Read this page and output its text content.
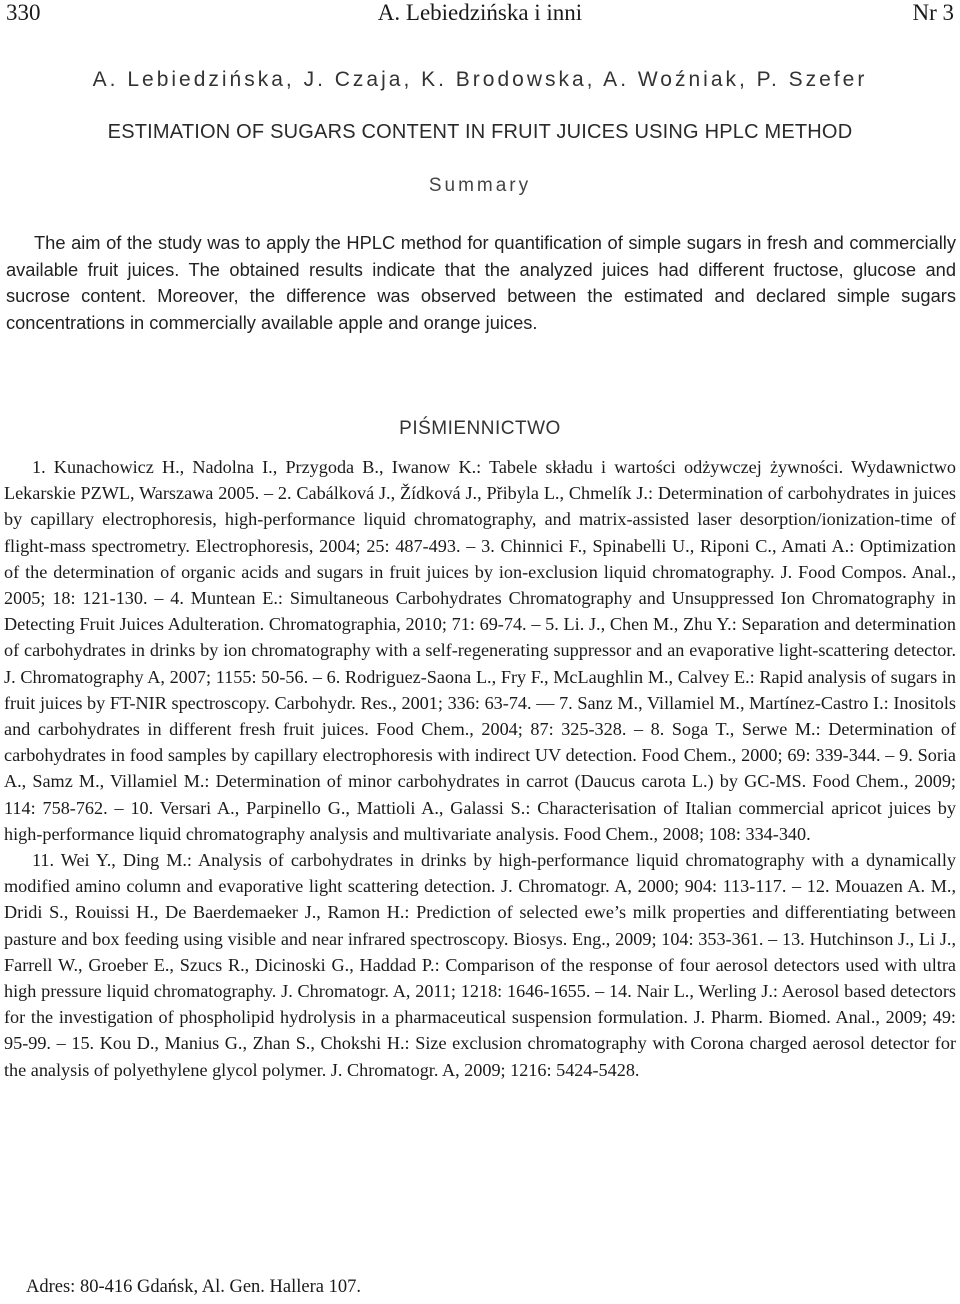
330	A. Lebiedzińska i inni	Nr 3
A. Lebiedzińska, J. Czaja, K. Brodowska, A. Woźniak, P. Szefer
ESTIMATION OF SUGARS CONTENT IN FRUIT JUICES USING HPLC METHOD
Summary
The aim of the study was to apply the HPLC method for quantification of simple sugars in fresh and commercially available fruit juices. The obtained results indicate that the analyzed juices had different fructose, glucose and sucrose content. Moreover, the difference was observed between the estimated and declared simple sugars concentrations in commercially available apple and orange juices.
PIŚMIENNICTWO

1. Kunachowicz H., Nadolna I., Przygoda B., Iwanow K.: Tabele składu i wartości odżywczej żywności. Wydawnictwo Lekarskie PZWL, Warszawa 2005. – 2. Cabálková J., Žídková J., Přibyla L., Chmelík J.: Determination of carbohydrates in juices by capillary electrophoresis, high-performance liquid chromatography, and matrix-assisted laser desorption/ionization-time of flight-mass spectrometry. Electrophoresis, 2004; 25: 487-493. – 3. Chinnici F., Spinabelli U., Riponi C., Amati A.: Optimization of the determination of organic acids and sugars in fruit juices by ion-exclusion liquid chromatography. J. Food Compos. Anal., 2005; 18: 121-130. – 4. Muntean E.: Simultaneous Carbohydrates Chromatography and Unsuppressed Ion Chromatography in Detecting Fruit Juices Adulteration. Chromatographia, 2010; 71: 69-74. – 5. Li. J., Chen M., Zhu Y.: Separation and determination of carbohydrates in drinks by ion chromatography with a self-regenerating suppressor and an evaporative light-scattering detector. J. Chromatography A, 2007; 1155: 50-56. – 6. Rodriguez-Saona L., Fry F., McLaughlin M., Calvey E.: Rapid analysis of sugars in fruit juices by FT-NIR spectroscopy. Carbohydr. Res., 2001; 336: 63-74. — 7. Sanz M., Villamiel M., Martínez-Castro I.: Inositols and carbohydrates in different fresh fruit juices. Food Chem., 2004; 87: 325-328. – 8. Soga T., Serwe M.: Determination of carbohydrates in food samples by capillary electrophoresis with indirect UV detection. Food Chem., 2000; 69: 339-344. – 9. Soria A., Samz M., Villamiel M.: Determination of minor carbohydrates in carrot (Daucus carota L.) by GC-MS. Food Chem., 2009; 114: 758-762. – 10. Versari A., Parpinello G., Mattioli A., Galassi S.: Characterisation of Italian commercial apricot juices by high-performance liquid chromatography analysis and multivariate analysis. Food Chem., 2008; 108: 334-340.

11. Wei Y., Ding M.: Analysis of carbohydrates in drinks by high-performance liquid chromatography with a dynamically modified amino column and evaporative light scattering detection. J. Chromatogr. A, 2000; 904: 113-117. – 12. Mouazen A. M., Dridi S., Rouissi H., De Baerdemaeker J., Ramon H.: Prediction of selected ewe’s milk properties and differentiating between pasture and box feeding using visible and near infrared spectroscopy. Biosys. Eng., 2009; 104: 353-361. – 13. Hutchinson J., Li J., Farrell W., Groeber E., Szucs R., Dicinoski G., Haddad P.: Comparison of the response of four aerosol detectors used with ultra high pressure liquid chromatography. J. Chromatogr. A, 2011; 1218: 1646-1655. – 14. Nair L., Werling J.: Aerosol based detectors for the investigation of phospholipid hydrolysis in a pharmaceutical suspension formulation. J. Pharm. Biomed. Anal., 2009; 49: 95-99. – 15. Kou D., Manius G., Zhan S., Chokshi H.: Size exclusion chromatography with Corona charged aerosol detector for the analysis of polyethylene glycol polymer. J. Chromatogr. A, 2009; 1216: 5424-5428.

Adres: 80-416 Gdańsk, Al. Gen. Hallera 107.
